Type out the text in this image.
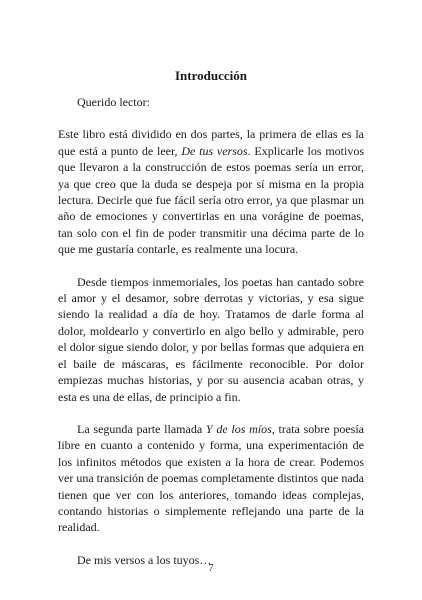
Introducción

Querido lector:

Este libro está dividido en dos partes, la primera de ellas es la que está a punto de leer, De tus versos. Explicarle los motivos que llevaron a la construcción de estos poemas sería un error, ya que creo que la duda se despeja por sí misma en la propia lectura. Decirle que fue fácil sería otro error, ya que plasmar un año de emociones y convertirlas en una vorágine de poemas, tan solo con el fin de poder transmitir una décima parte de lo que me gustaría contarle, es realmente una locura.

Desde tiempos inmemoriales, los poetas han cantado sobre el amor y el desamor, sobre derrotas y victorias, y esa sigue siendo la realidad a día de hoy. Tratamos de darle forma al dolor, moldearlo y convertirlo en algo bello y admirable, pero el dolor sigue siendo dolor, y por bellas formas que adquiera en el baile de máscaras, es fácilmente reconocible. Por dolor empiezas muchas historias, y por su ausencia acaban otras, y esta es una de ellas, de principio a fin.

La segunda parte llamada Y de los míos, trata sobre poesía libre en cuanto a contenido y forma, una experimentación de los infinitos métodos que existen a la hora de crear. Podemos ver una transición de poemas completamente distintos que nada tienen que ver con los anteriores, tomando ideas complejas, contando historias o simplemente reflejando una parte de la realidad.

De mis versos a los tuyos…

7
